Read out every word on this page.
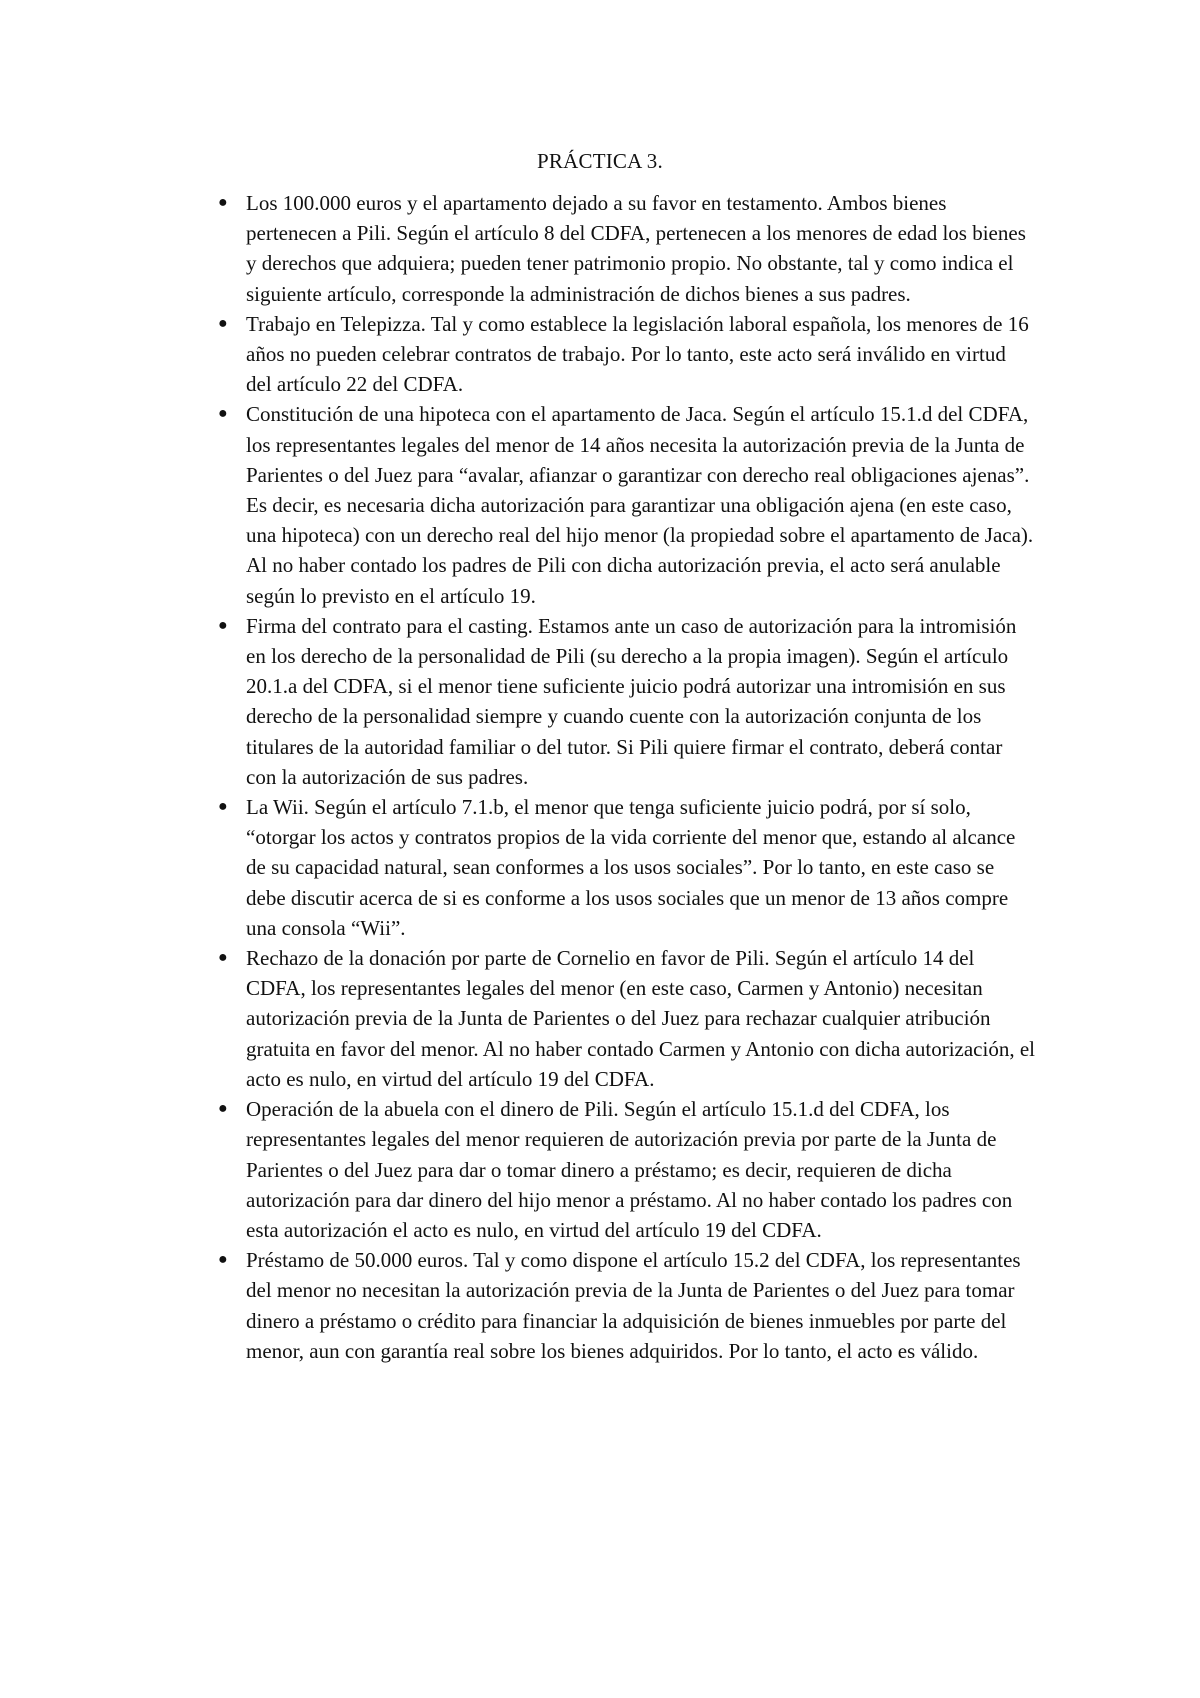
PRÁCTICA 3.
● Los 100.000 euros y el apartamento dejado a su favor en testamento. Ambos bienes pertenecen a Pili. Según el artículo 8 del CDFA, pertenecen a los menores de edad los bienes y derechos que adquiera; pueden tener patrimonio propio. No obstante, tal y como indica el siguiente artículo, corresponde la administración de dichos bienes a sus padres.
● Trabajo en Telepizza. Tal y como establece la legislación laboral española, los menores de 16 años no pueden celebrar contratos de trabajo. Por lo tanto, este acto será inválido en virtud del artículo 22 del CDFA.
● Constitución de una hipoteca con el apartamento de Jaca. Según el artículo 15.1.d del CDFA, los representantes legales del menor de 14 años necesita la autorización previa de la Junta de Parientes o del Juez para “avalar, afianzar o garantizar con derecho real obligaciones ajenas”. Es decir, es necesaria dicha autorización para garantizar una obligación ajena (en este caso, una hipoteca) con un derecho real del hijo menor (la propiedad sobre el apartamento de Jaca). Al no haber contado los padres de Pili con dicha autorización previa, el acto será anulable según lo previsto en el artículo 19.
● Firma del contrato para el casting. Estamos ante un caso de autorización para la intromisión en los derecho de la personalidad de Pili (su derecho a la propia imagen). Según el artículo 20.1.a del CDFA, si el menor tiene suficiente juicio podrá autorizar una intromisión en sus derecho de la personalidad siempre y cuando cuente con la autorización conjunta de los titulares de la autoridad familiar o del tutor. Si Pili quiere firmar el contrato, deberá contar con la autorización de sus padres.
● La Wii. Según el artículo 7.1.b, el menor que tenga suficiente juicio podrá, por sí solo, “otorgar los actos y contratos propios de la vida corriente del menor que, estando al alcance de su capacidad natural, sean conformes a los usos sociales”. Por lo tanto, en este caso se debe discutir acerca de si es conforme a los usos sociales que un menor de 13 años compre una consola “Wii”.
● Rechazo de la donación por parte de Cornelio en favor de Pili. Según el artículo 14 del CDFA, los representantes legales del menor (en este caso, Carmen y Antonio) necesitan autorización previa de la Junta de Parientes o del Juez para rechazar cualquier atribución gratuita en favor del menor. Al no haber contado Carmen y Antonio con dicha autorización, el acto es nulo, en virtud del artículo 19 del CDFA.
● Operación de la abuela con el dinero de Pili. Según el artículo 15.1.d del CDFA, los representantes legales del menor requieren de autorización previa por parte de la Junta de Parientes o del Juez para dar o tomar dinero a préstamo; es decir, requieren de dicha autorización para dar dinero del hijo menor a préstamo. Al no haber contado los padres con esta autorización el acto es nulo, en virtud del artículo 19 del CDFA.
● Préstamo de 50.000 euros. Tal y como dispone el artículo 15.2 del CDFA, los representantes del menor no necesitan la autorización previa de la Junta de Parientes o del Juez para tomar dinero a préstamo o crédito para financiar la adquisición de bienes inmuebles por parte del menor, aun con garantía real sobre los bienes adquiridos. Por lo tanto, el acto es válido.
